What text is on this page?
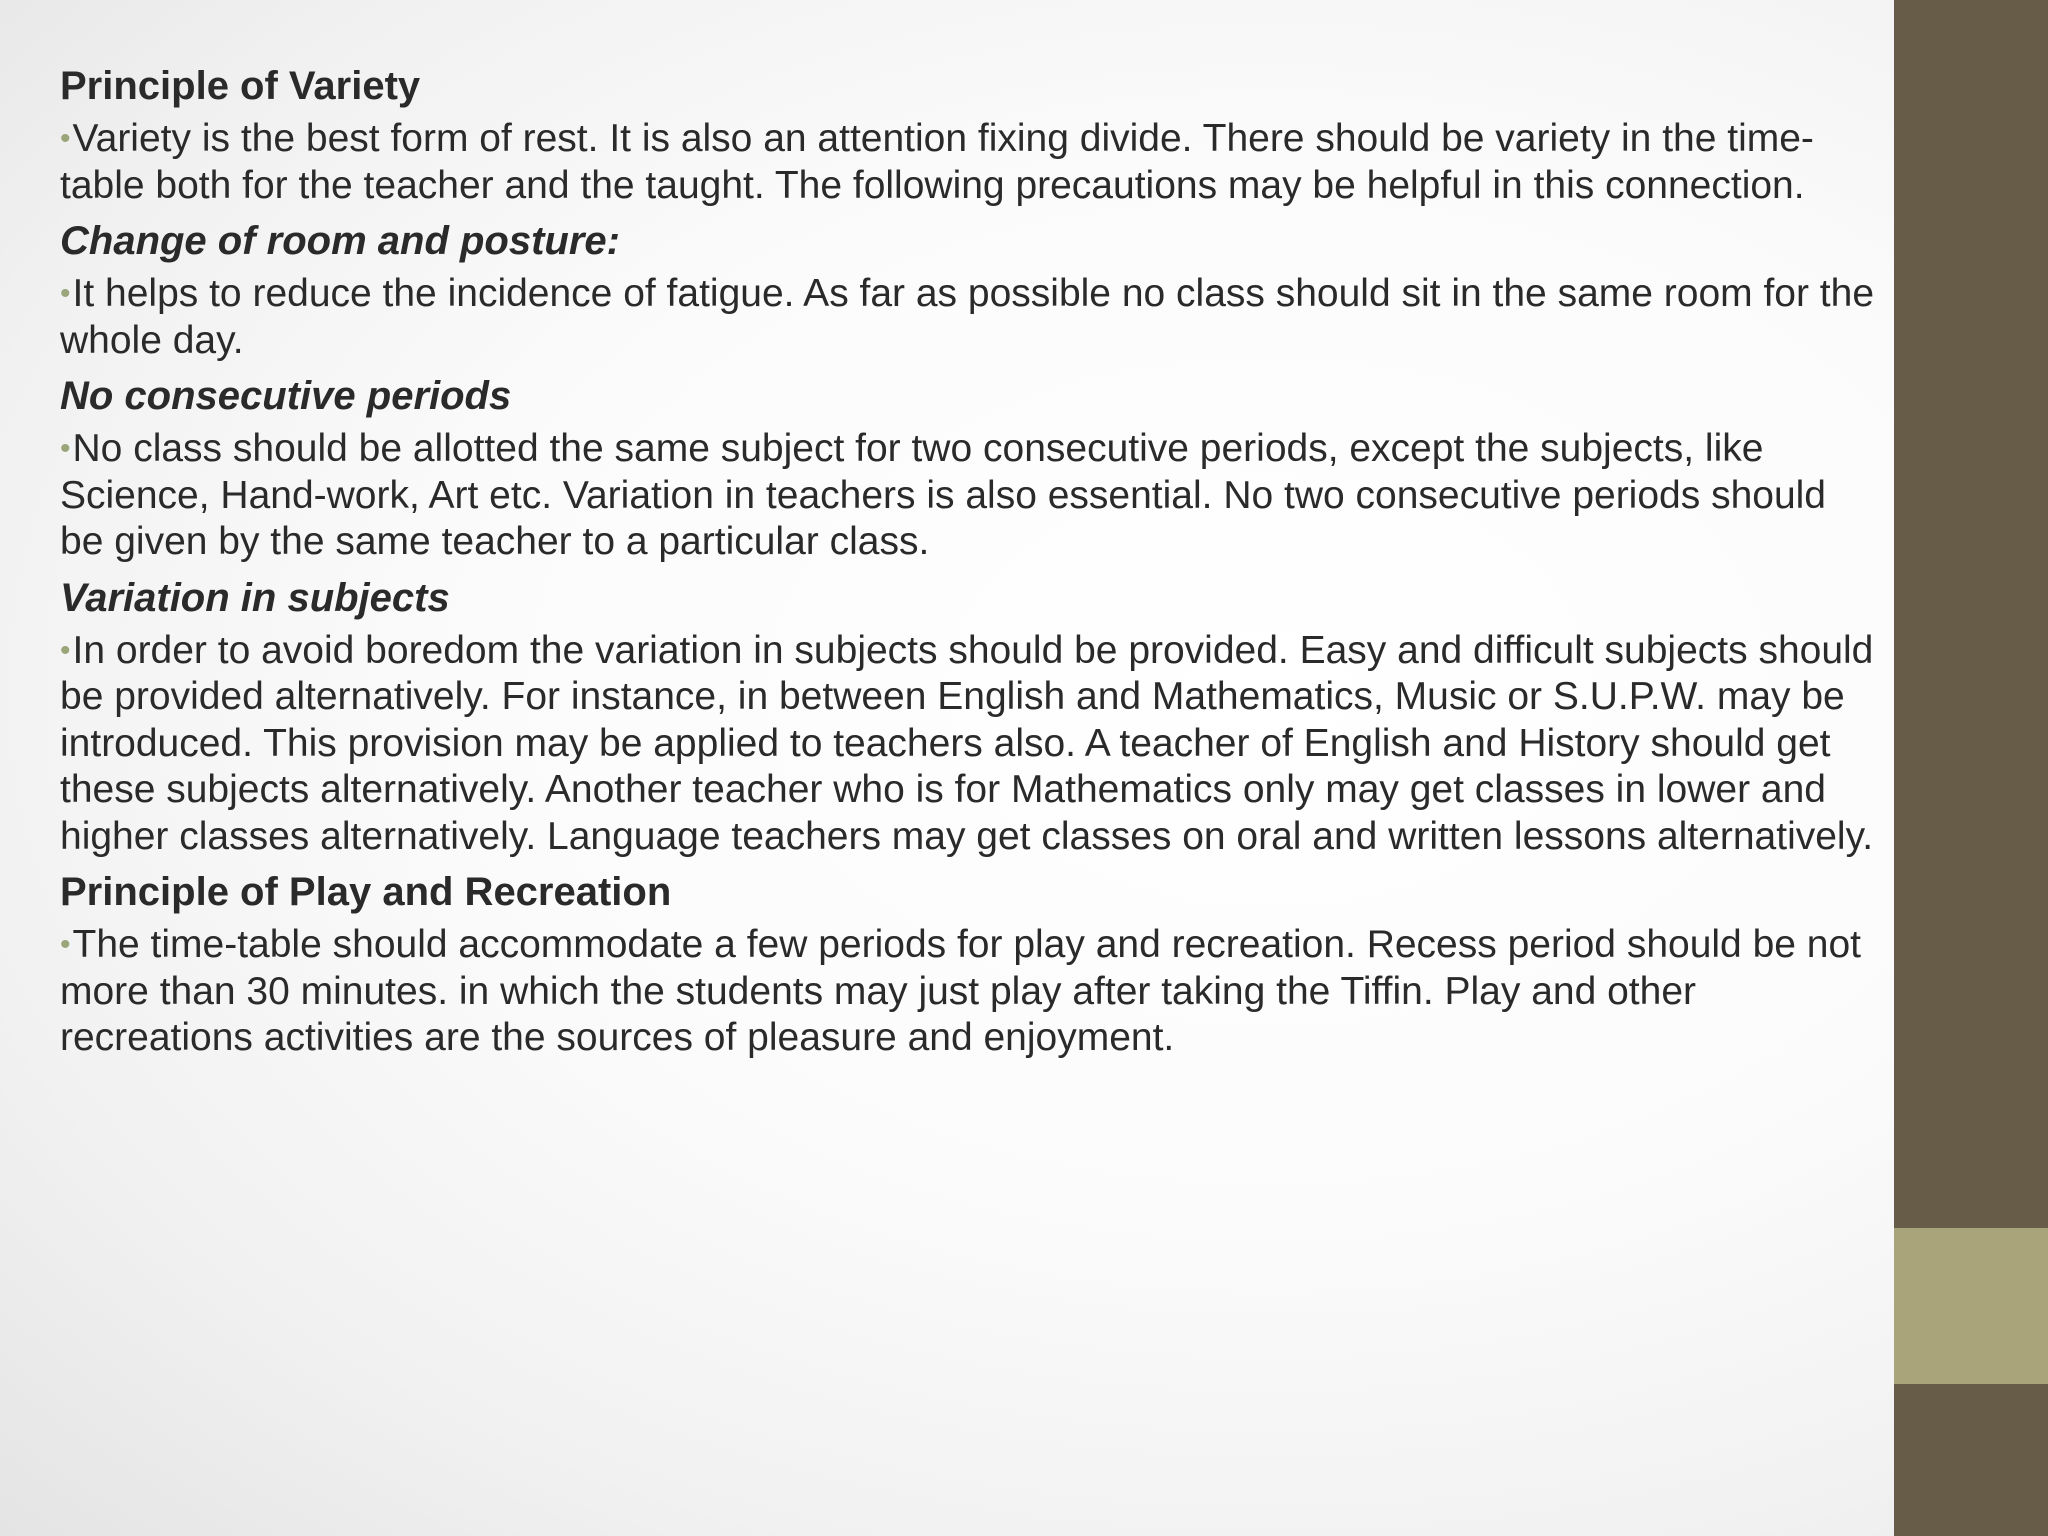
Principle of Variety
•Variety is the best form of rest. It is also an attention fixing divide. There should be variety in the time-table both for the teacher and the taught. The following precautions may be helpful in this connection.
Change of room and posture:
•It helps to reduce the incidence of fatigue. As far as possible no class should sit in the same room for the whole day.
No consecutive periods
•No class should be allotted the same subject for two consecutive periods, except the subjects, like Science, Hand-work, Art etc. Variation in teachers is also essential. No two consecutive periods should be given by the same teacher to a particular class.
Variation in subjects
•In order to avoid boredom the variation in subjects should be provided. Easy and difficult subjects should be provided alternatively. For instance, in between English and Mathematics, Music or S.U.P.W. may be introduced. This provision may be applied to teachers also. A teacher of English and History should get these subjects alternatively. Another teacher who is for Mathematics only may get classes in lower and higher classes alternatively. Language teachers may get classes on oral and written lessons alternatively.
Principle of Play and Recreation
•The time-table should accommodate a few periods for play and recreation. Recess period should be not more than 30 minutes. in which the students may just play after taking the Tiffin. Play and other recreations activities are the sources of pleasure and enjoyment.
